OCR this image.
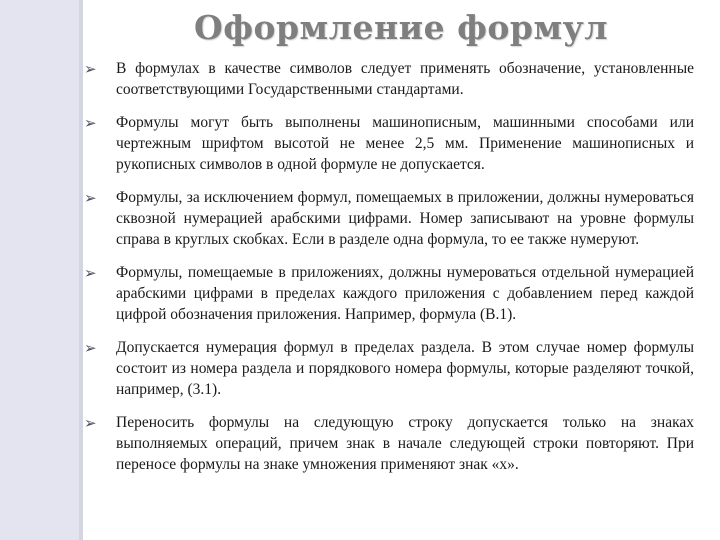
Оформление формул
➢ В формулах в качестве символов следует применять обозначение, установленные соответствующими Государственными стандартами.
➢ Формулы могут быть выполнены машинописным, машинными способами или чертежным шрифтом высотой не менее 2,5 мм. Применение машинописных и рукописных символов в одной формуле не допускается.
➢ Формулы, за исключением формул, помещаемых в приложении, должны нумероваться сквозной нумерацией арабскими цифрами. Номер записывают на уровне формулы справа в круглых скобках. Если в разделе одна формула, то ее также нумеруют.
➢ Формулы, помещаемые в приложениях, должны нумероваться отдельной нумерацией арабскими цифрами в пределах каждого приложения с добавлением перед каждой цифрой обозначения приложения. Например, формула (В.1).
➢ Допускается нумерация формул в пределах раздела. В этом случае номер формулы состоит из номера раздела и порядкового номера формулы, которые разделяют точкой, например, (3.1).
➢ Переносить формулы на следующую строку допускается только на знаках выполняемых операций, причем знак в начале следующей строки повторяют. При переносе формулы на знаке умножения применяют знак «х».
